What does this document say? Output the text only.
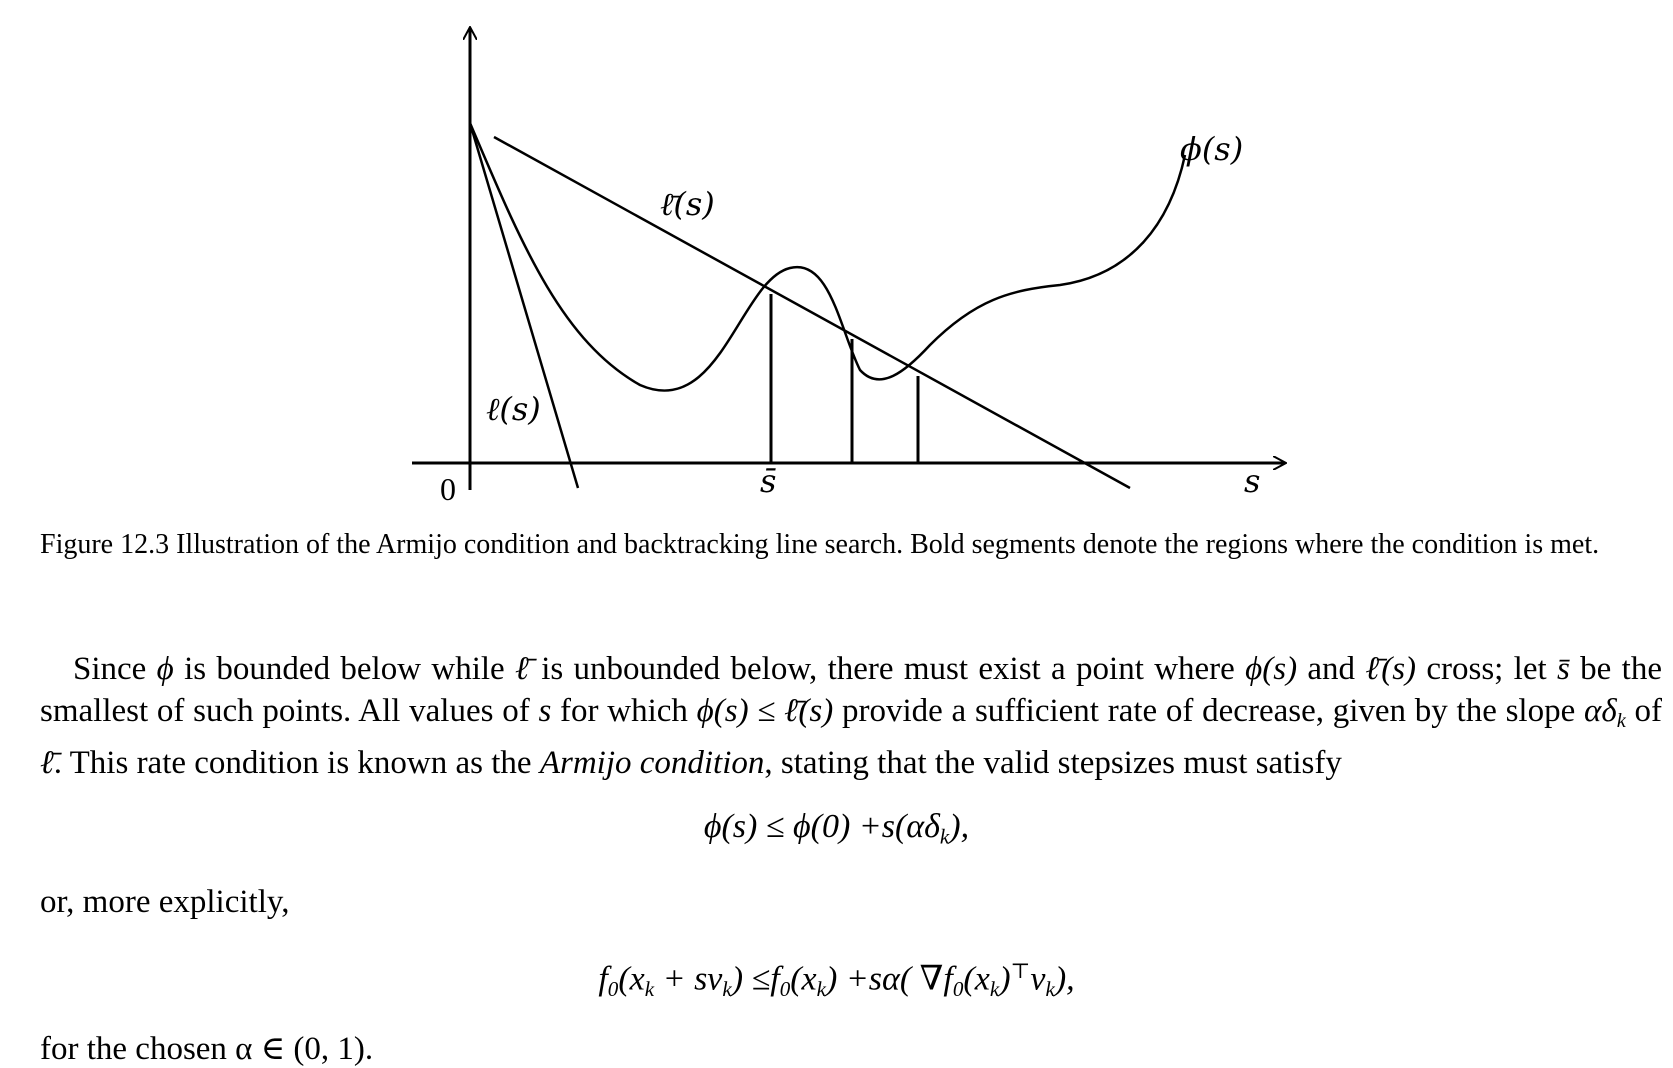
ϕ(s)
ℓ̄(s)
ℓ(s)
0	s̄	s
Figure 12.3 Illustration of the Armijo condition and backtracking line search. Bold segments denote the regions where the condition is met.
Since ϕ is bounded below while ℓ̄ is unbounded below, there must exist a point where ϕ(s) and ℓ̄(s) cross; let s̄ be the smallest of such points. All values of s for which ϕ(s) ≤ ℓ̄(s) provide a sufficient rate of decrease, given by the slope $\alpha\delta_k$ of ℓ̄. This rate condition is known as the Armijo condition, stating that the valid stepsizes must satisfy
$\phi(s) \le \phi(0) +s(\alpha\delta_k)$,
or, more explicitly,
$f_0(x_k + sv_k) \le f_0(x_k) +s\alpha$( $\nabla f_0(x_k)^⊤v_k$),
for the chosen α ∈ (0, 1).
